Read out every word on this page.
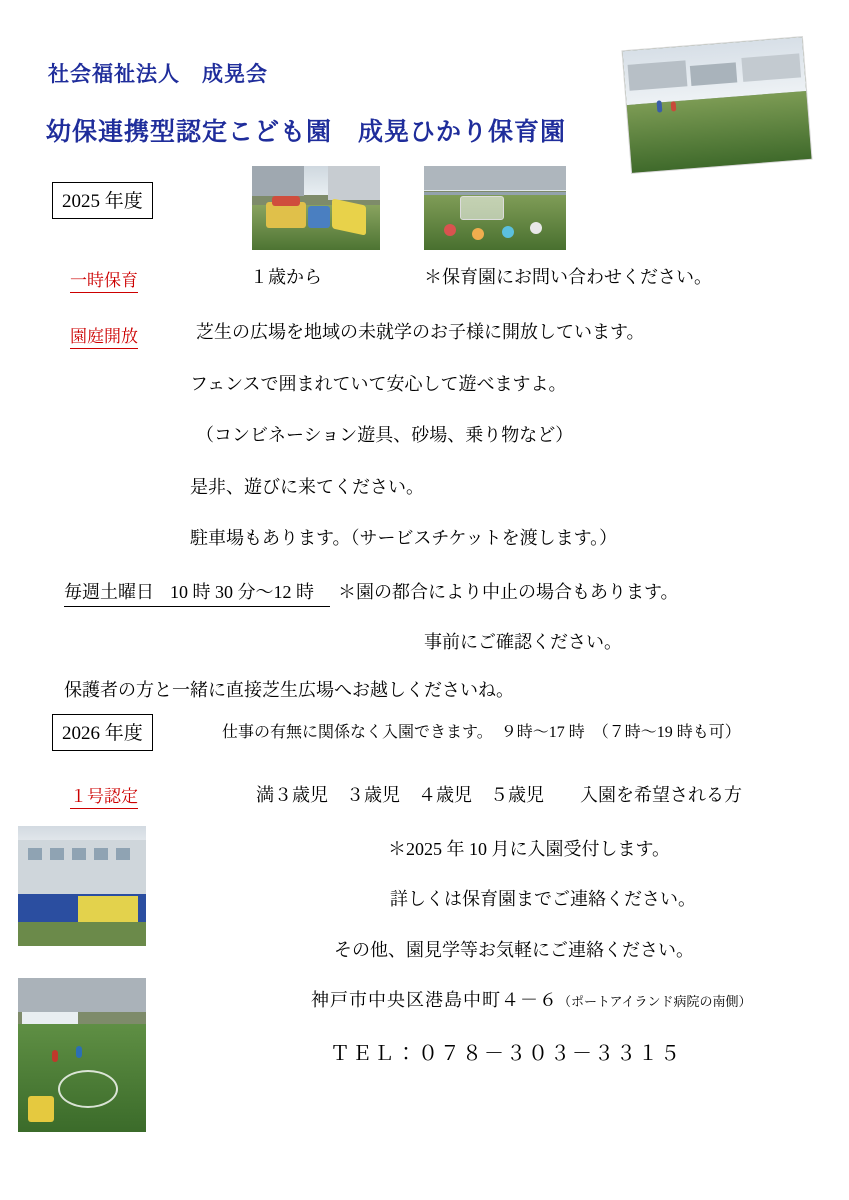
社会福祉法人　成晃会
幼保連携型認定こども園　成晃ひかり保育園
2025 年度
一時保育	１歳から	＊保育園にお問い合わせください。
園庭開放	芝生の広場を地域の未就学のお子様に開放しています。
フェンスで囲まれていて安心して遊べますよ。
（コンビネーション遊具、砂場、乗り物など）
是非、遊びに来てください。
駐車場もあります。（サービスチケットを渡します。）
毎週土曜日 10 時 30 分〜12 時 ＊園の都合により中止の場合もあります。
事前にご確認ください。
保護者の方と一緒に直接芝生広場へお越しくださいね。
2026 年度	仕事の有無に関係なく入園できます。　９時〜17 時　（７時〜19 時も可）
１号認定	満３歳児　３歳児　４歳児　５歳児　　入園を希望される方
＊2025 年 10 月に入園受付します。
詳しくは保育園までご連絡ください。
その他、園見学等お気軽にご連絡ください。
神戸市中央区港島中町４－６（ポートアイランド病院の南側）
ＴＥＬ：０７８－３０３－３３１５
